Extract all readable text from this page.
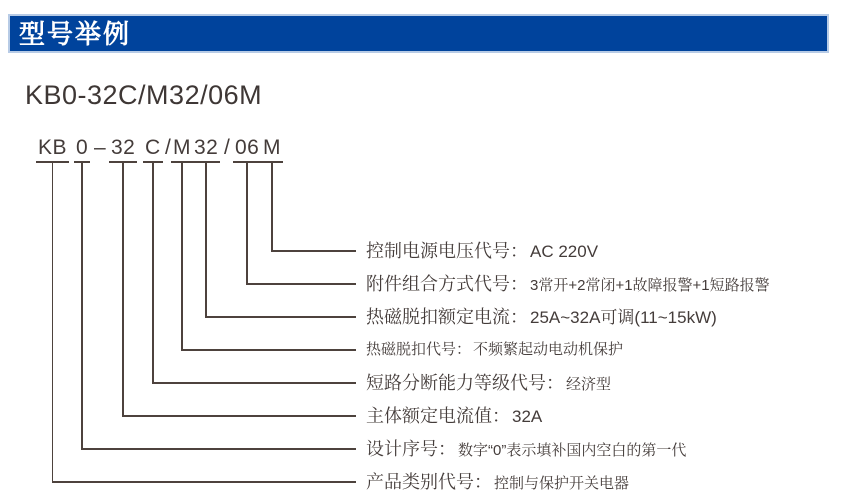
型号举例
KB0-32C/M32/06M
KB 0 – 32 C / M 32 / 06 M
控制电源电压代号： AC 220V
附件组合方式代号： 3常开+2常闭+1故障报警+1短路报警
热磁脱扣额定电流： 25A~32A可调(11~15kW)
热磁脱扣代号： 不频繁起动电动机保护
短路分断能力等级代号： 经济型
主体额定电流值： 32A
设计序号： 数字“0”表示填补国内空白的第一代
产品类别代号： 控制与保护开关电器
